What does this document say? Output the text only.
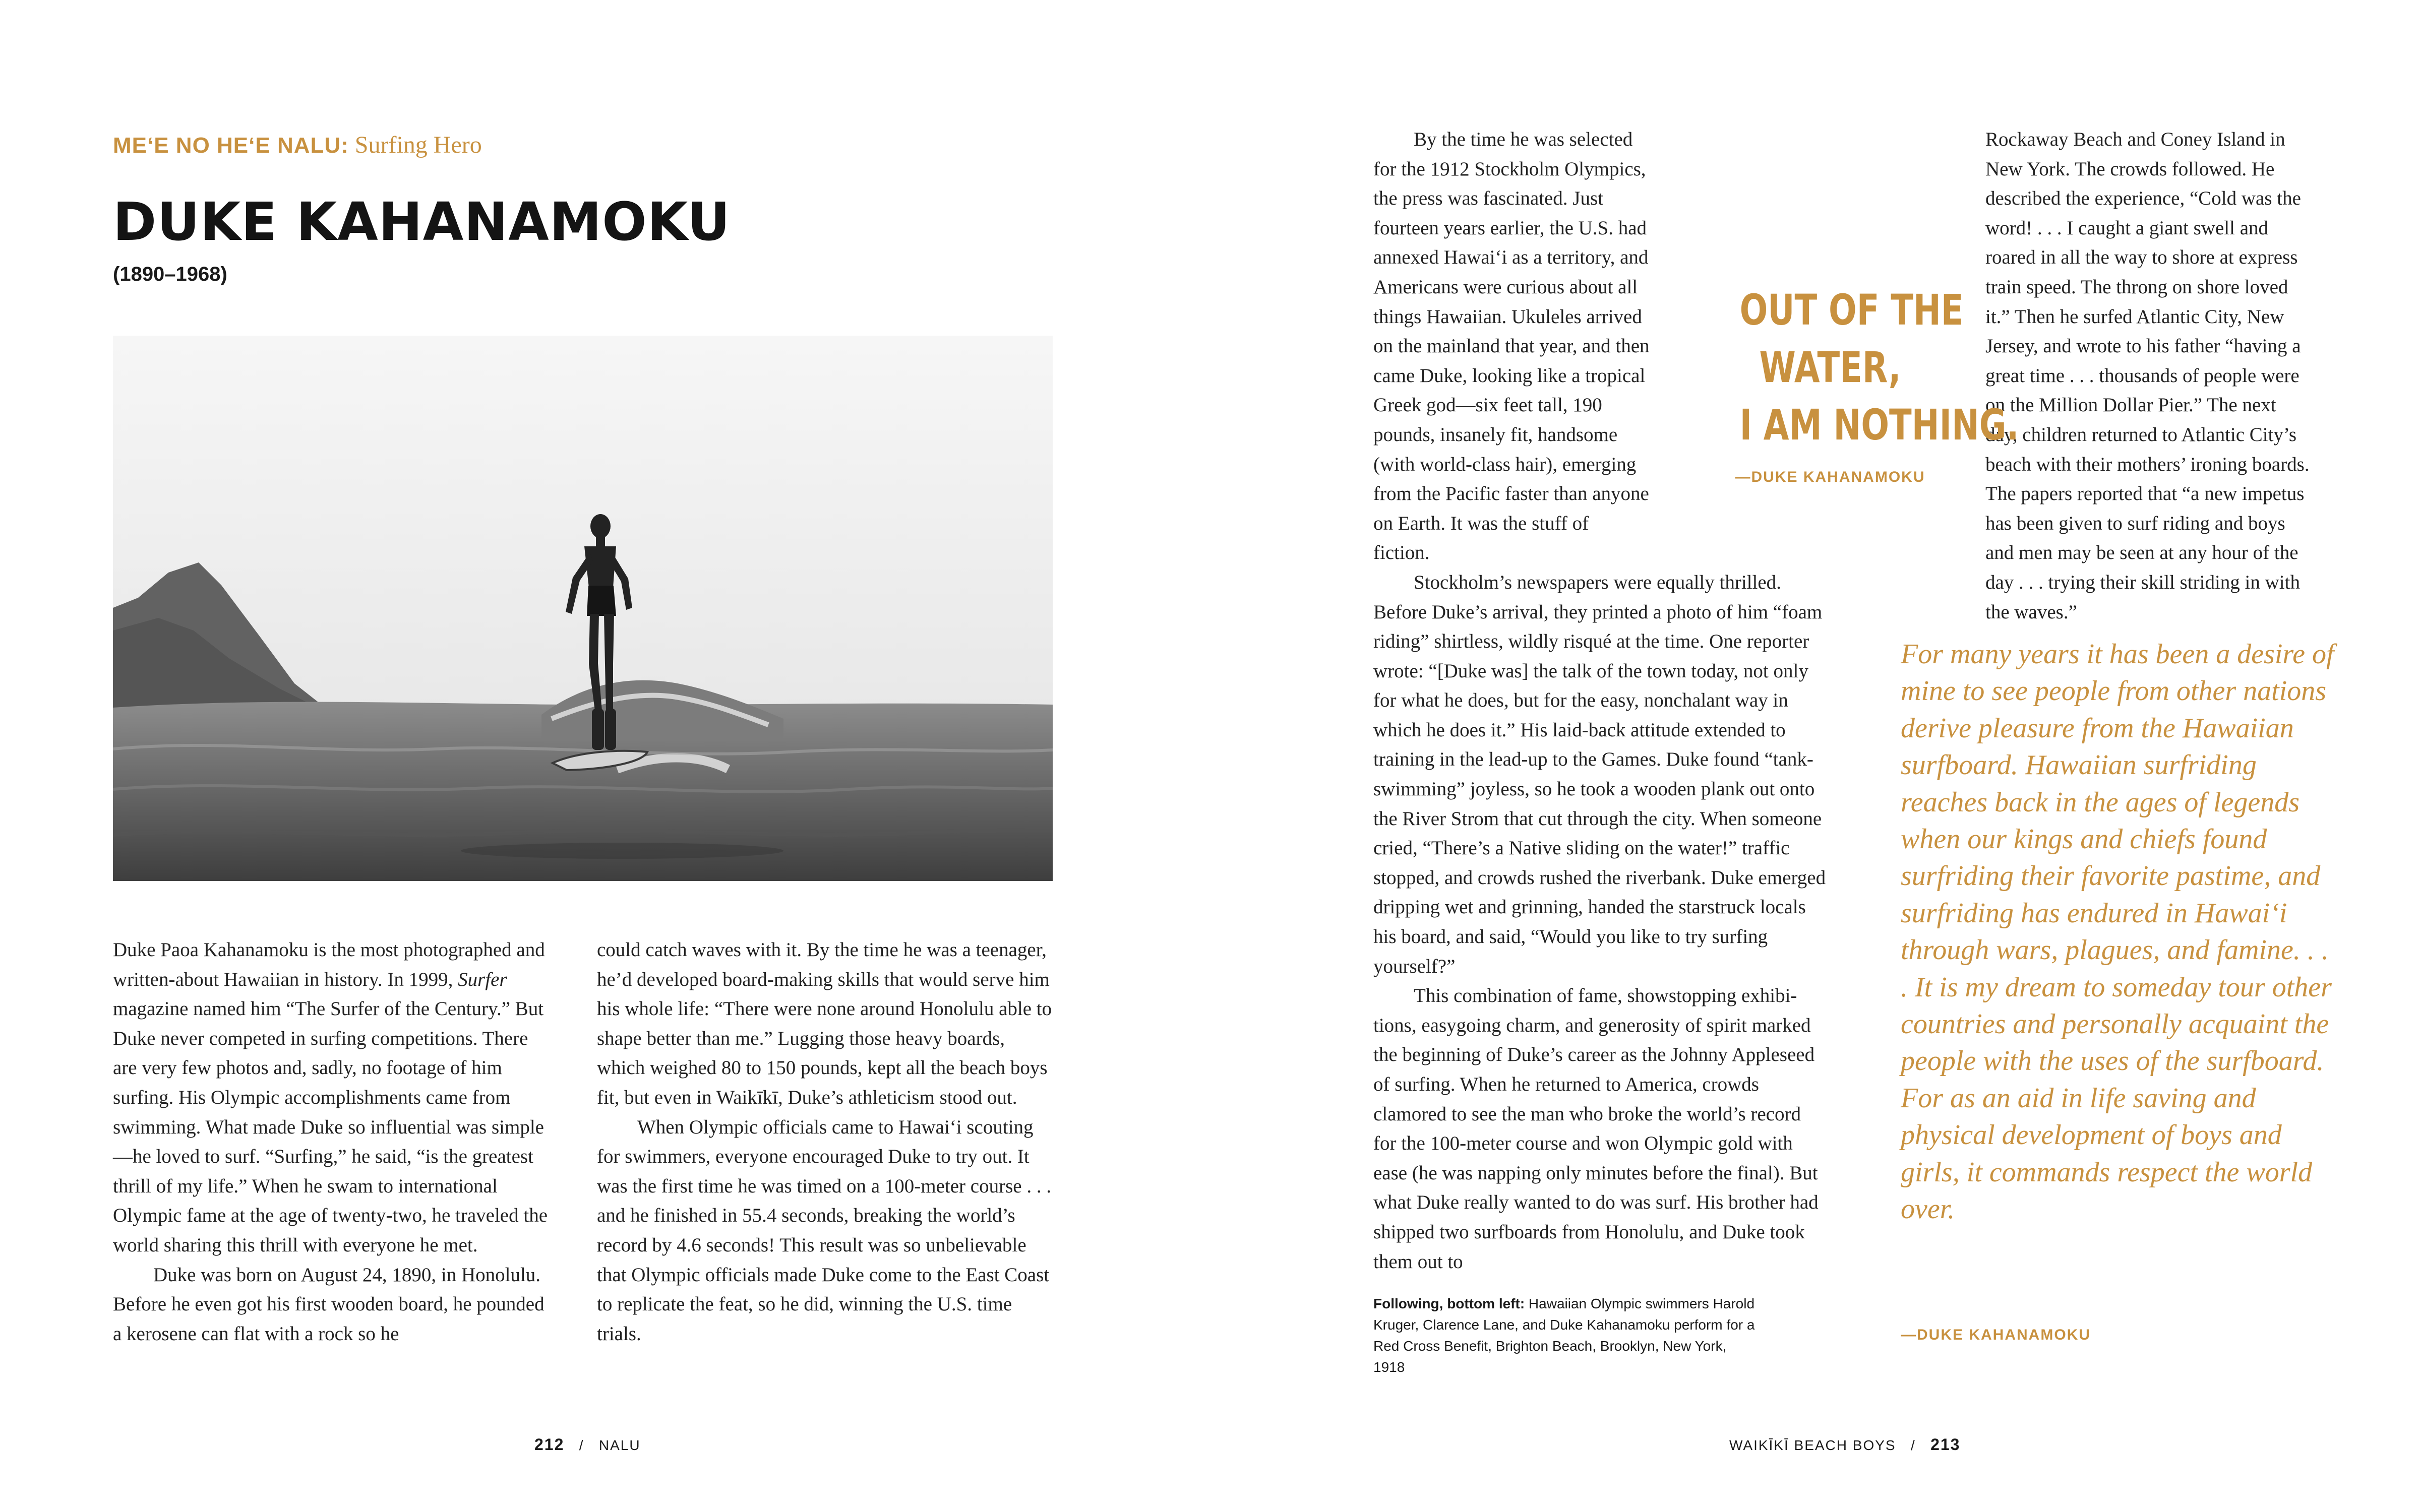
ME‘E NO HE‘E NALU: Surfing Hero
DUKE KAHANAMOKU
(1890–1968)

Duke Paoa Kahanamoku is the most photographed and written-about Hawaiian in history. In 1999, Surfer magazine named him “The Surfer of the Century.” But Duke never competed in surfing competitions. There are very few photos and, sadly, no footage of him surfing. His Olympic accomplishments came from swimming. What made Duke so influential was simple—he loved to surf. “Surfing,” he said, “is the greatest thrill of my life.” When he swam to international Olympic fame at the age of twenty-two, he traveled the world sharing this thrill with everyone he met.

Duke was born on August 24, 1890, in Honolulu. Before he even got his first wooden board, he pounded a kerosene can flat with a rock so he

could catch waves with it. By the time he was a teenager, he’d developed board-making skills that would serve him his whole life: “There were none around Honolulu able to shape better than me.” Lugging those heavy boards, which weighed 80 to 150 pounds, kept all the beach boys fit, but even in Waikīkī, Duke’s athleticism stood out.

When Olympic officials came to Hawai‘i scouting for swimmers, everyone encouraged Duke to try out. It was the first time he was timed on a 100-meter course . . . and he finished in 55.4 seconds, breaking the world’s record by 4.6 seconds! This result was so unbelievable that Olympic officials made Duke come to the East Coast to replicate the feat, so he did, winning the U.S. time trials.

212 / NALU

By the time he was selected for the 1912 Stockholm Olympics, the press was fascinated. Just fourteen years earlier, the U.S. had annexed Hawai‘i as a territory, and Americans were curious about all things Hawaiian. Ukuleles arrived on the mainland that year, and then came Duke, looking like a tropical Greek god—six feet tall, 190 pounds, insanely fit, handsome (with world-class hair), emerging from the Pacific faster than anyone on Earth. It was the stuff of fiction.

Stockholm’s newspapers were equally thrilled. Before Duke’s arrival, they printed a photo of him “foam riding” shirtless, wildly risqué at the time. One reporter wrote: “[Duke was] the talk of the town today, not only for what he does, but for the easy, nonchalant way in which he does it.” His laid-back attitude extended to training in the lead-up to the Games. Duke found “tank-swimming” joyless, so he took a wooden plank out onto the River Strom that cut through the city. When someone cried, “There’s a Native sliding on the water!” traffic stopped, and crowds rushed the riverbank. Duke emerged dripping wet and grinning, handed the starstruck locals his board, and said, “Would you like to try surfing yourself?”

This combination of fame, showstopping exhibitions, easygoing charm, and generosity of spirit marked the beginning of Duke’s career as the Johnny Appleseed of surfing. When he returned to America, crowds clamored to see the man who broke the world’s record for the 100-meter course and won Olympic gold with ease (he was napping only minutes before the final). But what Duke really wanted to do was surf. His brother had shipped two surfboards from Honolulu, and Duke took them out to

Rockaway Beach and Coney Island in New York. The crowds followed. He described the experience, “Cold was the word! . . . I caught a giant swell and roared in all the way to shore at express train speed. The throng on shore loved it.” Then he surfed Atlantic City, New Jersey, and wrote to his father “having a great time . . . thousands of people were on the Million Dollar Pier.” The next day, children returned to Atlantic City’s beach with their mothers’ ironing boards. The papers reported that “a new impetus has been given to surf riding and boys and men may be seen at any hour of the day . . . trying their skill striding in with the waves.”

OUT OF THE
WATER,
I AM NOTHING.
—DUKE KAHANAMOKU

For many years it has been a desire of mine to see people from other nations derive pleasure from the Hawaiian surfboard. Hawaiian surfriding reaches back in the ages of legends when our kings and chiefs found surfriding their favorite pastime, and surfriding has endured in Hawai‘i through wars, plagues, and famine. . . . It is my dream to someday tour other countries and personally acquaint the people with the uses of the surfboard. For as an aid in life saving and physical development of boys and girls, it commands respect the world over.

—DUKE KAHANAMOKU
Following, bottom left: Hawaiian Olympic swimmers Harold Kruger, Clarence Lane, and Duke Kahanamoku perform for a Red Cross Benefit, Brighton Beach, Brooklyn, New York, 1918
WAIKĪKĪ BEACH BOYS / 213
